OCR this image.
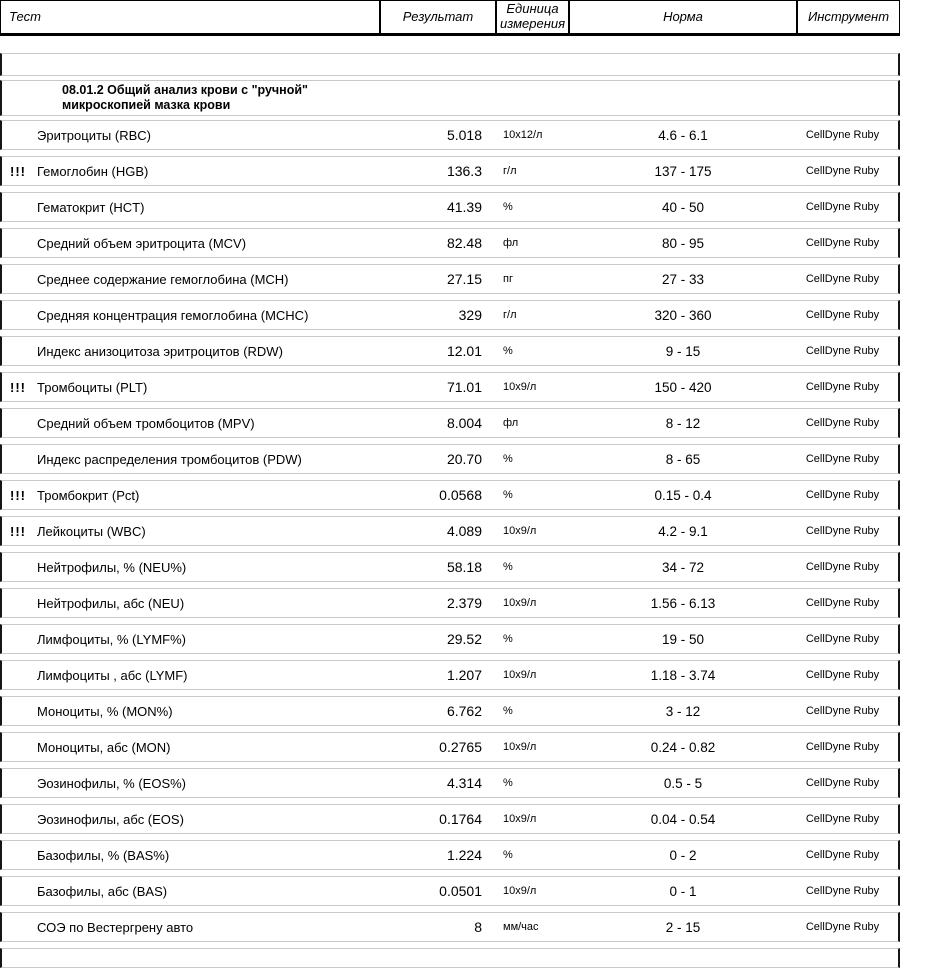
Тест	Результат	Единица измерения	Норма	Инструмент
08.01.2 Общий анализ крови с "ручной"
микроскопией мазка крови
Эритроциты (RBC)	5.018	10x12/л	4.6 - 6.1	CellDyne Ruby
!!! Гемоглобин (HGB)	136.3	г/л	137 - 175	CellDyne Ruby
Гематокрит (HCT)	41.39	%	40 - 50	CellDyne Ruby
Средний объем эритроцита (MCV)	82.48	фл	80 - 95	CellDyne Ruby
Среднее содержание гемоглобина (MCH)	27.15	пг	27 - 33	CellDyne Ruby
Средняя концентрация гемоглобина (MCHC)	329	г/л	320 - 360	CellDyne Ruby
Индекс анизоцитоза эритроцитов (RDW)	12.01	%	9 - 15	CellDyne Ruby
!!! Тромбоциты (PLT)	71.01	10x9/л	150 - 420	CellDyne Ruby
Средний объем тромбоцитов (MPV)	8.004	фл	8 - 12	CellDyne Ruby
Индекс распределения тромбоцитов (PDW)	20.70	%	8 - 65	CellDyne Ruby
!!! Тромбокрит (Pct)	0.0568	%	0.15 - 0.4	CellDyne Ruby
!!! Лейкоциты (WBC)	4.089	10x9/л	4.2 - 9.1	CellDyne Ruby
Нейтрофилы, % (NEU%)	58.18	%	34 - 72	CellDyne Ruby
Нейтрофилы, абс (NEU)	2.379	10x9/л	1.56 - 6.13	CellDyne Ruby
Лимфоциты, % (LYMF%)	29.52	%	19 - 50	CellDyne Ruby
Лимфоциты , абс (LYMF)	1.207	10x9/л	1.18 - 3.74	CellDyne Ruby
Моноциты, % (MON%)	6.762	%	3 - 12	CellDyne Ruby
Моноциты, абс (MON)	0.2765	10x9/л	0.24 - 0.82	CellDyne Ruby
Эозинофилы, % (EOS%)	4.314	%	0.5 - 5	CellDyne Ruby
Эозинофилы, абс (EOS)	0.1764	10x9/л	0.04 - 0.54	CellDyne Ruby
Базофилы, % (BAS%)	1.224	%	0 - 2	CellDyne Ruby
Базофилы, абс (BAS)	0.0501	10x9/л	0 - 1	CellDyne Ruby
СОЭ по Вестергрену авто	8	мм/час	2 - 15	CellDyne Ruby
